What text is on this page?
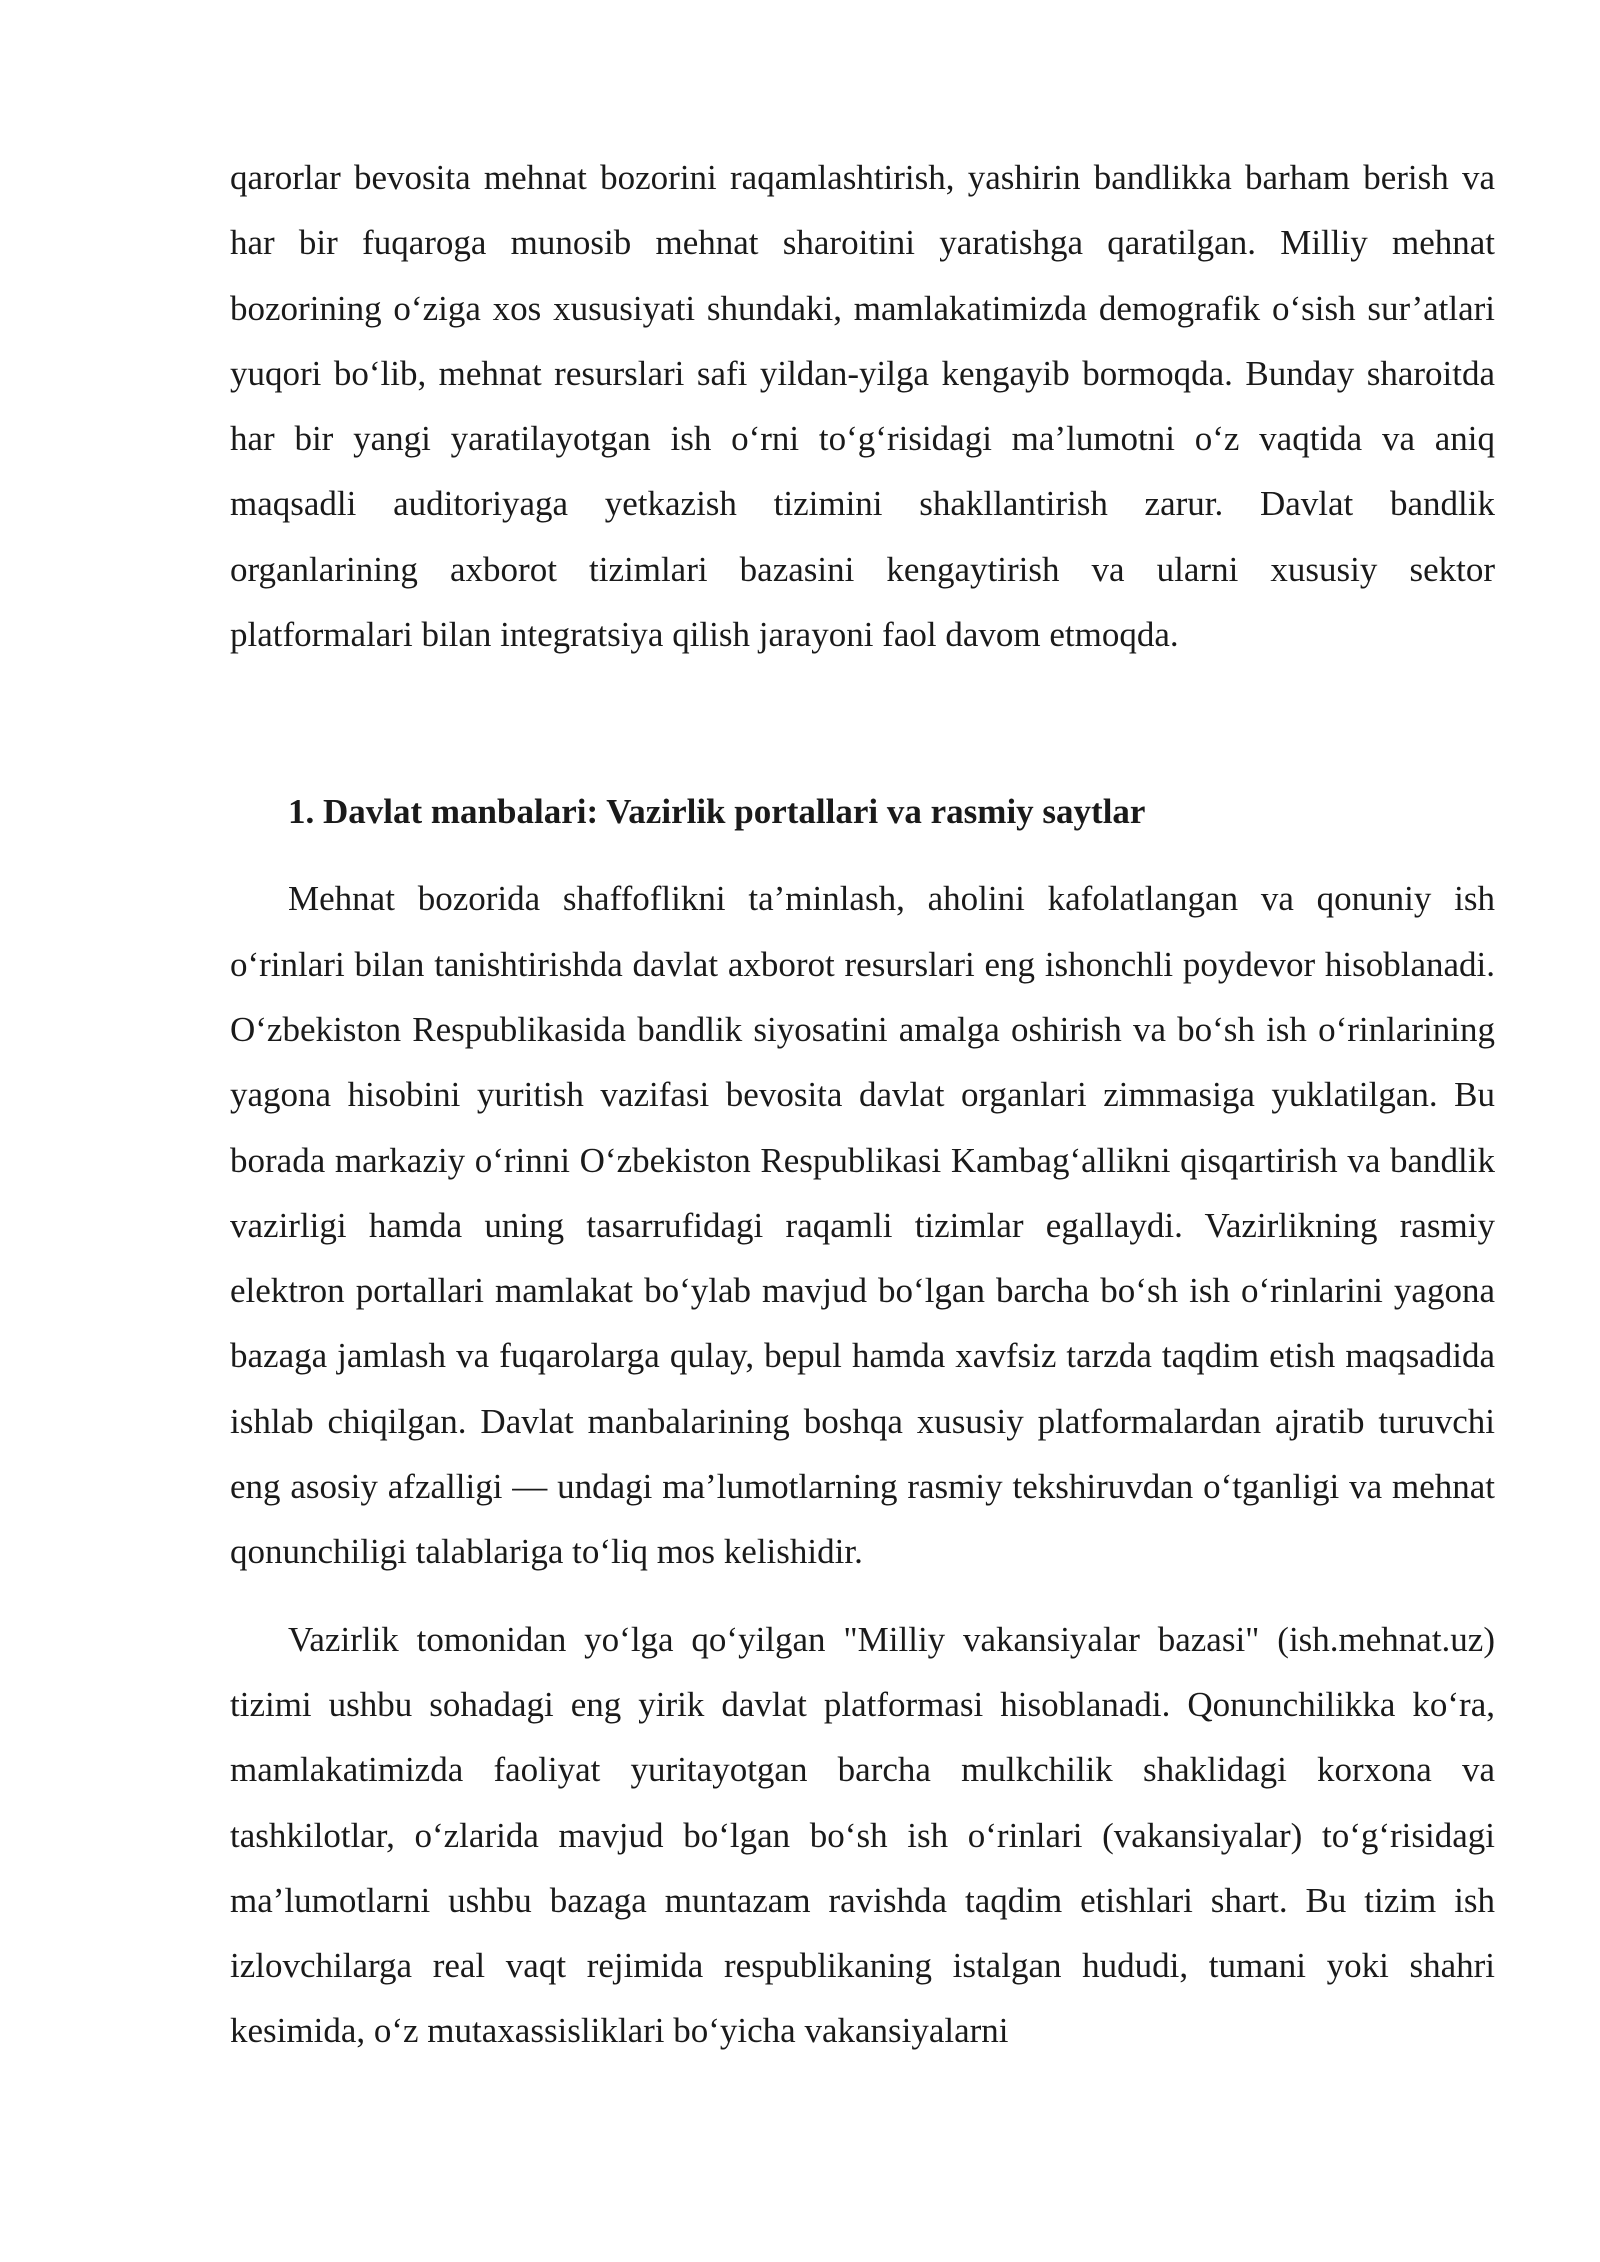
qarorlar bevosita mehnat bozorini raqamlashtirish, yashirin bandlikka barham berish va har bir fuqaroga munosib mehnat sharoitini yaratishga qaratilgan. Milliy mehnat bozorining o‘ziga xos xususiyati shundaki, mamlakatimizda demografik o‘sish sur’atlari yuqori bo‘lib, mehnat resurslari safi yildan-yilga kengayib bormoqda. Bunday sharoitda har bir yangi yaratilayotgan ish o‘rni to‘g‘risidagi ma’lumotni o‘z vaqtida va aniq maqsadli auditoriyaga yetkazish tizimini shakllantirish zarur. Davlat bandlik organlarining axborot tizimlari bazasini kengaytirish va ularni xususiy sektor platformalari bilan integratsiya qilish jarayoni faol davom etmoqda.

1. Davlat manbalari: Vazirlik portallari va rasmiy saytlar

Mehnat bozorida shaffoflikni ta’minlash, aholini kafolatlangan va qonuniy ish o‘rinlari bilan tanishtirishda davlat axborot resurslari eng ishonchli poydevor hisoblanadi. O‘zbekiston Respublikasida bandlik siyosatini amalga oshirish va bo‘sh ish o‘rinlarining yagona hisobini yuritish vazifasi bevosita davlat organlari zimmasiga yuklatilgan. Bu borada markaziy o‘rinni O‘zbekiston Respublikasi Kambag‘allikni qisqartirish va bandlik vazirligi hamda uning tasarrufidagi raqamli tizimlar egallaydi. Vazirlikning rasmiy elektron portallari mamlakat bo‘ylab mavjud bo‘lgan barcha bo‘sh ish o‘rinlarini yagona bazaga jamlash va fuqarolarga qulay, bepul hamda xavfsiz tarzda taqdim etish maqsadida ishlab chiqilgan. Davlat manbalarining boshqa xususiy platformalardan ajratib turuvchi eng asosiy afzalligi — undagi ma’lumotlarning rasmiy tekshiruvdan o‘tganligi va mehnat qonunchiligi talablariga to‘liq mos kelishidir.

Vazirlik tomonidan yo‘lga qo‘yilgan "Milliy vakansiyalar bazasi" (ish.mehnat.uz) tizimi ushbu sohadagi eng yirik davlat platformasi hisoblanadi. Qonunchilikka ko‘ra, mamlakatimizda faoliyat yuritayotgan barcha mulkchilik shaklidagi korxona va tashkilotlar, o‘zlarida mavjud bo‘lgan bo‘sh ish o‘rinlari (vakansiyalar) to‘g‘risidagi ma’lumotlarni ushbu bazaga muntazam ravishda taqdim etishlari shart. Bu tizim ish izlovchilarga real vaqt rejimida respublikaning istalgan hududi, tumani yoki shahri kesimida, o‘z mutaxassisliklari bo‘yicha vakansiyalarni
